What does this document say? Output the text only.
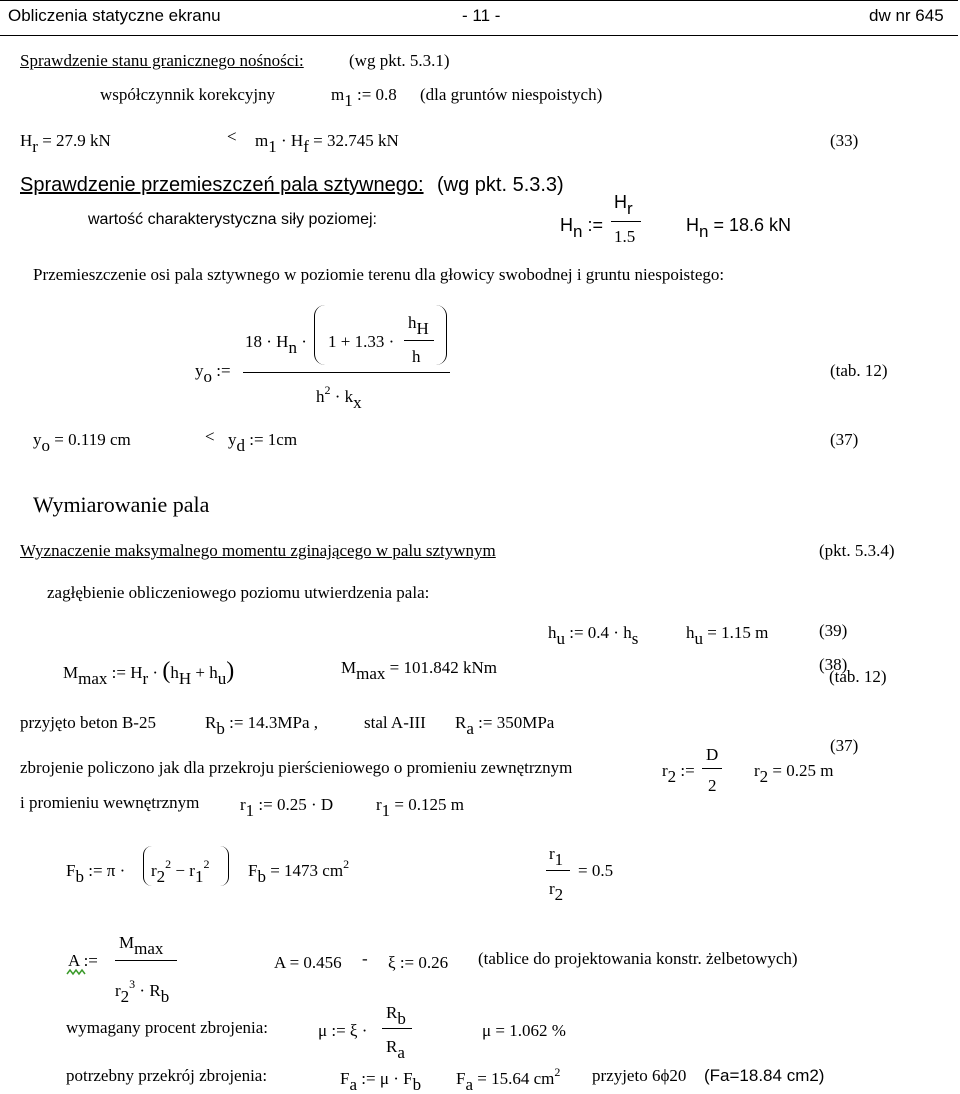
Obliczenia statyczne ekranu	- 11 -	dw nr 645
Sprawdzenie stanu granicznego nośności:	(wg pkt. 5.3.1)
współczynnik korekcyjny	m1 := 0.8 (dla gruntów niespoistych)
Hr = 27.9 kN	< m1 · Hf = 32.745 kN	(33)
Sprawdzenie przemieszczeń pala sztywnego: (wg pkt. 5.3.3)
wartość charakterystyczna siły poziomej:	Hn :=
Hr
1.5
Hn = 18.6 kN
Przemieszczenie osi pala sztywnego w poziomie terenu dla głowicy swobodnej i gruntu niespoistego:
yo :=
18 · Hn · 1 + 1.33 ·
hH
h
$h^2$ · kx
(tab. 12)
yo = 0.119 cm	< yd := 1cm	(37)
Wymiarowanie pala
Wyznaczenie maksymalnego momentu zginającego w palu sztywnym	(pkt. 5.3.4)
zagłębienie obliczeniowego poziomu utwierdzenia pala:
hu := 0.4 · hs	hu = 1.15 m	(39)
Mmax := Hr · (hH + hu)	Mmax = 101.842 kNm	(38)
(tab. 12)
przyjęto beton B-25	Rb := 14.3MPa ,	stal A-III Ra := 350MPa
(37)
zbrojenie policzono jak dla przekroju pierścieniowego o promieniu zewnętrznym	r2 :=
D
2
r2 = 0.25 m
i promieniu wewnętrznym r1 := 0.25 · D	r1 = 0.125 m
Fb := $\pi \cdot r2^2 - r1^2$ Fb = 1473 $cm^2$
r1
r2
= 0.5
A :=
Mmax
$r2^3 \cdot Rb$
A = 0.456 - ξ := 0.26 (tablice do projektowania konstr. żelbetowych)
wymagany procent zbrojenia:	μ := ξ ·
Rb
Ra
μ = 1.062 %
potrzebny przekrój zbrojenia:	Fa := μ · Fb Fa = 15.64 $cm^2$ przyjeto 6ϕ20 (Fa=18.84 cm2)
